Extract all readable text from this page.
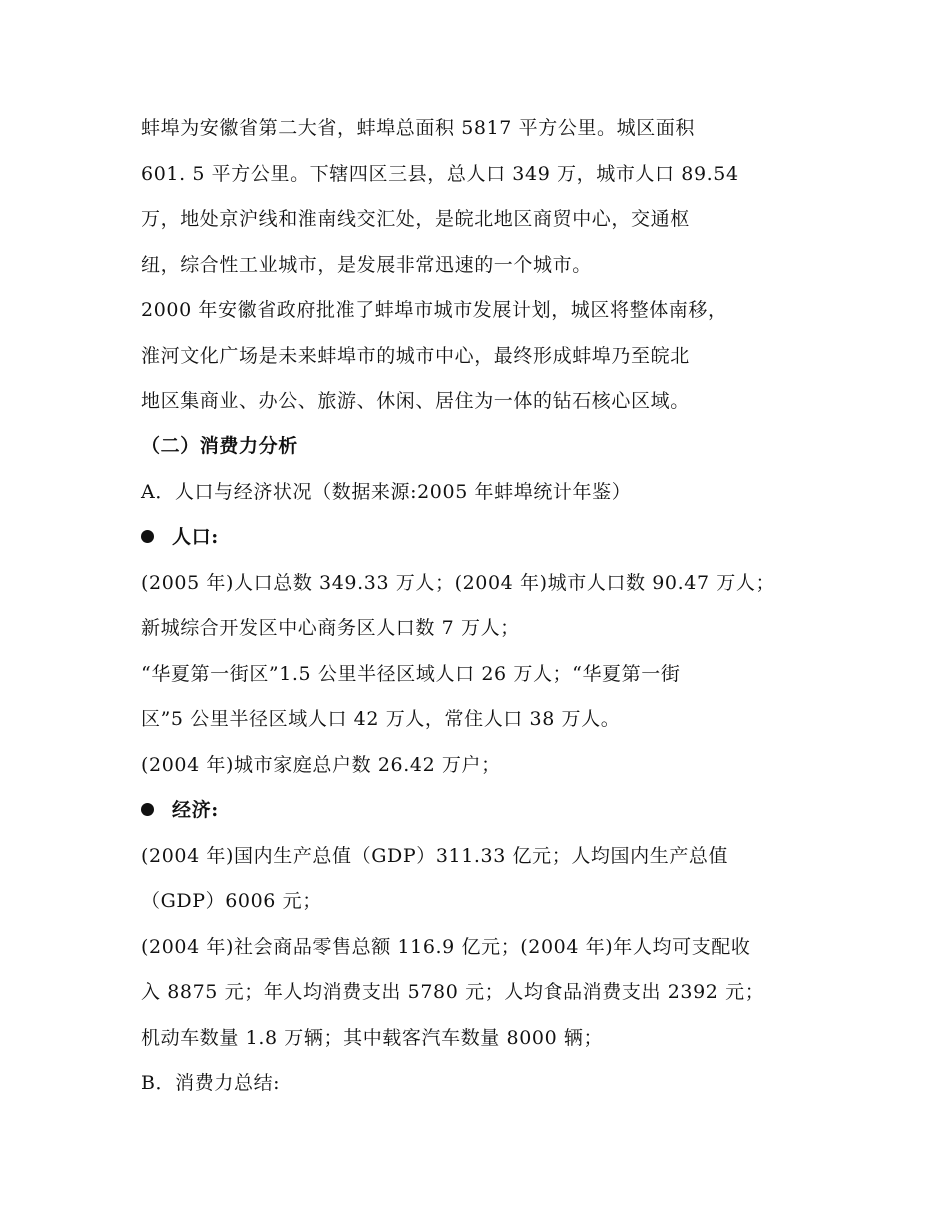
蚌埠为安徽省第二大省，蚌埠总面积 5817 平方公里。城区面积
601. 5 平方公里。下辖四区三县，总人口 349 万，城市人口 89.54
万，地处京沪线和淮南线交汇处，是皖北地区商贸中心，交通枢
纽，综合性工业城市，是发展非常迅速的一个城市。
2000 年安徽省政府批准了蚌埠市城市发展计划，城区将整体南移，
淮河文化广场是未来蚌埠市的城市中心，最终形成蚌埠乃至皖北
地区集商业、办公、旅游、休闲、居住为一体的钻石核心区域。
（二）消费力分析
A．人口与经济状况（数据来源:2005 年蚌埠统计年鉴）
人口:
(2005 年)人口总数 349.33 万人；(2004 年)城市人口数 90.47 万人；
新城综合开发区中心商务区人口数 7 万人；
“华夏第一街区”1.5 公里半径区域人口 26 万人；“华夏第一街
区”5 公里半径区域人口 42 万人，常住人口 38 万人。
(2004 年)城市家庭总户数 26.42 万户；
经济:
(2004 年)国内生产总值（GDP）311.33 亿元；人均国内生产总值
（GDP）6006 元；
(2004 年)社会商品零售总额 116.9 亿元；(2004 年)年人均可支配收
入 8875 元；年人均消费支出 5780 元；人均食品消费支出 2392 元；
机动车数量 1.8 万辆；其中载客汽车数量 8000 辆；
B．消费力总结:
